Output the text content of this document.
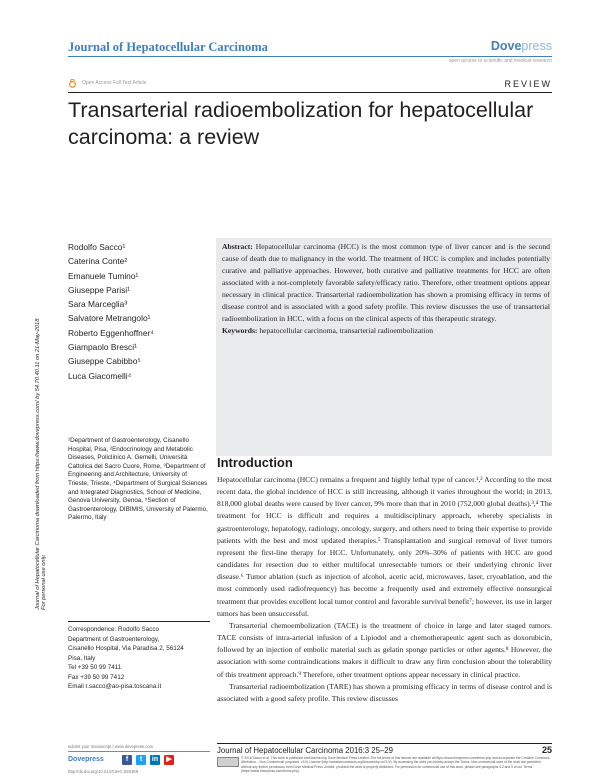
Journal of Hepatocellular Carcinoma	Dovepress
open access to scientific and medical research
Open Access Full Text Article	REVIEW
Transarterial radioembolization for hepatocellular carcinoma: a review
Journal of Hepatocellular Carcinoma downloaded from https://www.dovepress.com/ by 54.70.40.11 on 21-May-2018 For personal use only.
Rodolfo Sacco¹
Caterina Conte²
Emanuele Tumino¹
Giuseppe Parisi¹
Sara Marceglia³
Salvatore Metrangolo¹
Roberto Eggenhoffner⁴
Giampaolo Bresci¹
Giuseppe Cabibbo⁵
Luca Giacomelli⁴
¹Department of Gastroenterology, Cisanello Hospital, Pisa, ²Endocrinology and Metabolic Diseases, Policlinico A. Gemelli, Università Cattolica del Sacro Cuore, Rome, ³Department of Engineering and Architecture, University of Trieste, Trieste, ⁴Department of Surgical Sciences and Integrated Diagnostics, School of Medicine, Genova University, Genoa, ⁵Section of Gastroenterology, DIBIMIS, University of Palermo, Palermo, Italy
Correspondence: Rodolfo Sacco
Department of Gastroenterology,
Cisanello Hospital, Via Paradisa 2, 56124
Pisa, Italy
Tel +39 50 99 7411
Fax +39 50 99 7412
Email r.sacco@ao-pisa.toscana.it
Abstract: Hepatocellular carcinoma (HCC) is the most common type of liver cancer and is the second cause of death due to malignancy in the world. The treatment of HCC is complex and includes potentially curative and palliative approaches. However, both curative and palliative treatments for HCC are often associated with a not-completely favorable safety/efficacy ratio. Therefore, other treatment options appear necessary in clinical practice. Transarterial radioembolization has shown a promising efficacy in terms of disease control and is associated with a good safety profile. This review discusses the use of transarterial radioembolization in HCC, with a focus on the clinical aspects of this therapeutic strategy.
Keywords: hepatocellular carcinoma, transarterial radioembolization
Introduction

Hepatocellular carcinoma (HCC) remains a frequent and highly lethal type of cancer.¹,² According to the most recent data, the global incidence of HCC is still increasing, although it varies throughout the world; in 2013, 818,000 global deaths were caused by liver cancer, 9% more than that in 2010 (752,000 global deaths).³,⁴ The treatment for HCC is difficult and requires a multidisciplinary approach, whereby specialists in gastroenterology, hepatology, radiology, oncology, surgery, and others need to bring their expertise to provide patients with the best and most updated therapies.⁵ Transplantation and surgical removal of liver tumors represent the first-line therapy for HCC. Unfortunately, only 20%–30% of patients with HCC are good candidates for resection due to either multifocal unresectable tumors or their underlying chronic liver disease.⁶ Tumor ablation (such as injection of alcohol, acetic acid, microwaves, laser, cryoablation, and the most commonly used radiofrequency) has become a frequently used and extremely effective nonsurgical treatment that provides excellent local tumor control and favorable survival benefit⁷; however, its use in larger tumors has been unsuccessful.

Transarterial chemoembolization (TACE) is the treatment of choice in large and later staged tumors. TACE consists of intra-arterial infusion of a Lipiodol and a chemotherapeutic agent such as doxorubicin, followed by an injection of embolic material such as gelatin sponge particles or other agents.⁸ However, the association with some contraindications makes it difficult to draw any firm conclusion about the tolerability of this treatment approach.⁹ Therefore, other treatment options appear necessary in clinical practice.

Transarterial radioembolization (TARE) has shown a promising efficacy in terms of disease control and is associated with a good safety profile. This review discusses

submit your manuscript | www.dovepress.com
Dovepress	f	t	in	▶
http://dx.doi.org/10.2147/JHC.S50359
Journal of Hepatocellular Carcinoma 2016:3 25–29	25
© 2016 Sacco et al. This work is published and licensed by Dove Medical Press Limited. The full terms of this license are available at https://www.dovepress.com/terms.php and incorporate the Creative Commons Attribution – Non Commercial (unported, v3.0) License (http://creativecommons.org/licenses/by-nc/3.0/). By accessing the work you hereby accept the Terms. Non-commercial uses of the work are permitted without any further permission from Dove Medical Press Limited, provided the work is properly attributed. For permission for commercial use of this work, please see paragraphs 4.2 and 5 of our Terms (https://www.dovepress.com/terms.php).
